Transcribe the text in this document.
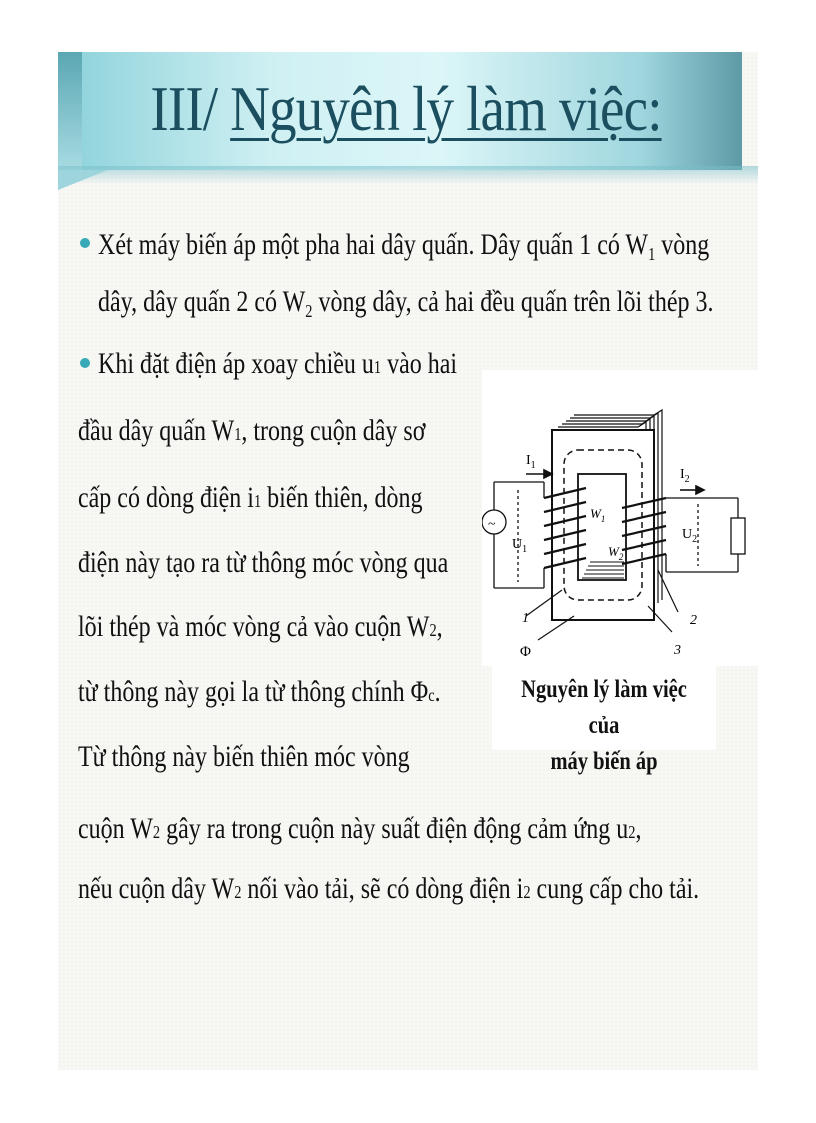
III/ Nguyên lý làm việc:
Xét máy biến áp một pha hai dây quấn. Dây quấn 1 có $W_1$ vòng
dây, dây quấn 2 có $W_2$ vòng dây, cả hai đều quấn trên lõi thép 3.
Khi đặt điện áp xoay chiều u1 vào hai
đầu dây quấn W1, trong cuộn dây sơ
cấp có dòng điện i1 biến thiên, dòng
điện này tạo ra từ thông móc vòng qua
lõi thép và móc vòng cả vào cuộn W2,
từ thông này gọi la từ thông chính Φc.
Từ thông này biến thiên móc vòng
cuộn W2 gây ra trong cuộn này suất điện động cảm ứng u2,
nếu cuộn dây W2 nối vào tải, sẽ có dòng điện i2 cung cấp cho tải.
~
$I_1$
$I_2$
$U_1$
$U_2$
$W_1$
$W_2$
1	2
3
Φ
Nguyên lý làm việc của
máy biến áp
